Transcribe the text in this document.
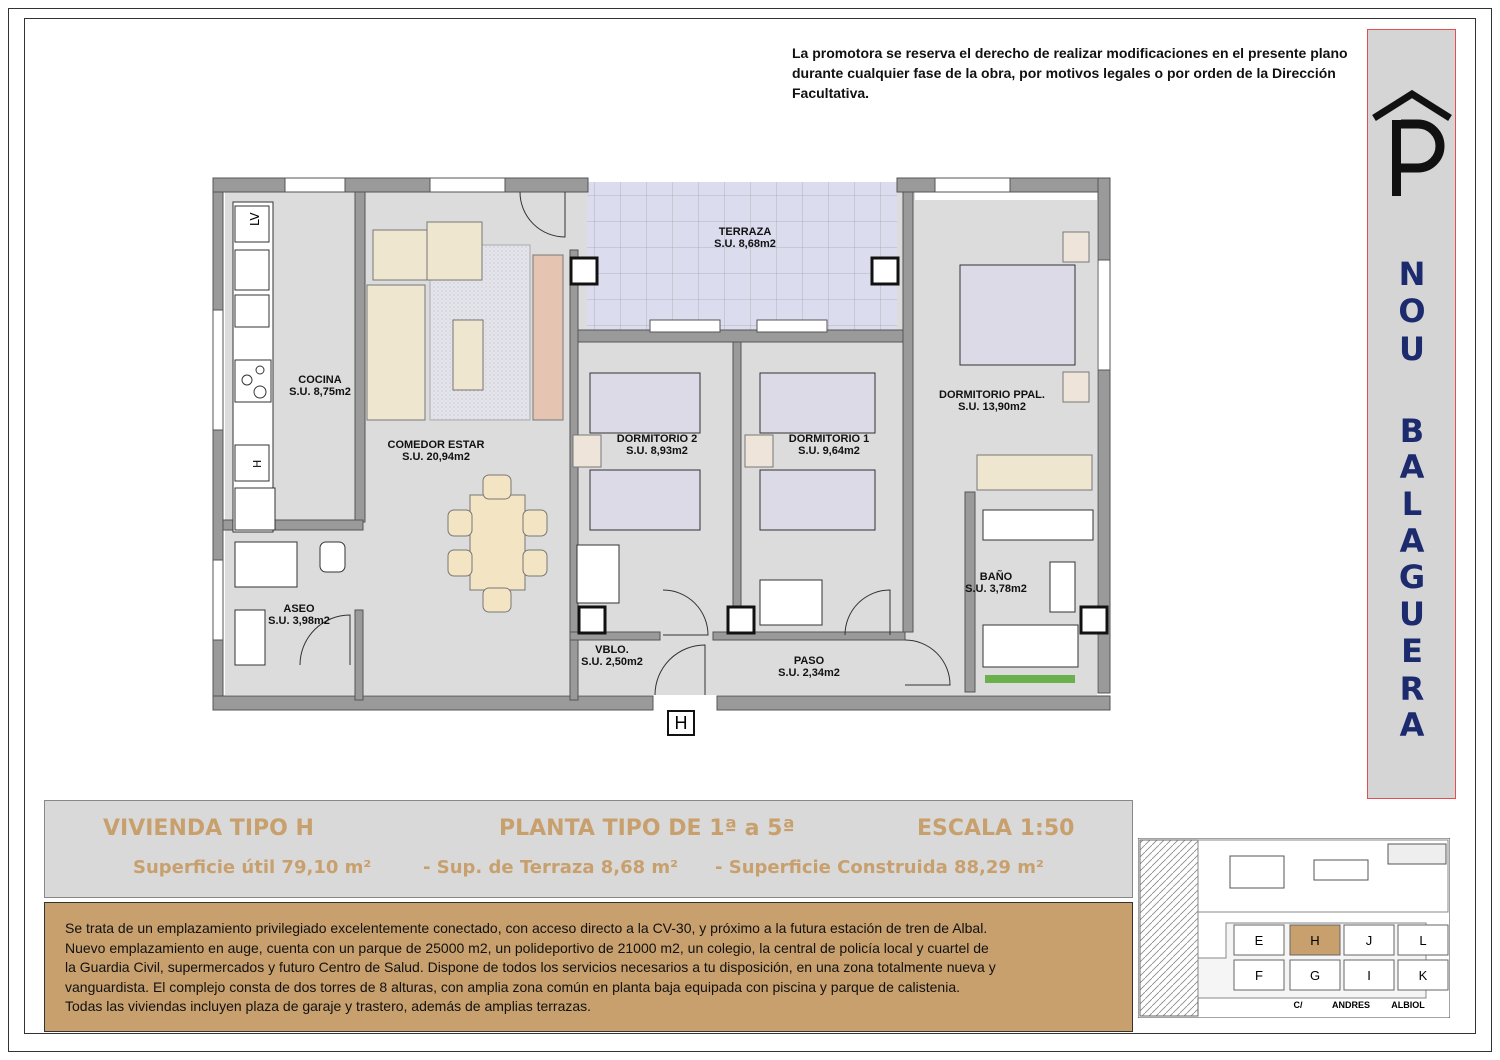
La promotora se reserva el derecho de realizar modificaciones en el presente plano durante cualquier fase de la obra, por motivos legales o por orden de la Dirección Facultativa.
N
O
U
B
A
L
A
G
U
E
R
A
LV
H
TERRAZA
S.U. 8,68m2
COCINA
S.U. 8,75m2
COMEDOR ESTAR
S.U. 20,94m2
DORMITORIO 2
S.U. 8,93m2
DORMITORIO 1
S.U. 9,64m2
DORMITORIO PPAL.
S.U. 13,90m2
BAÑO
S.U. 3,78m2
ASEO
S.U. 3,98m2
VBLO.
S.U. 2,50m2	PASO
S.U. 2,34m2
H
VIVIENDA TIPO H	PLANTA TIPO DE 1ª a 5ª	ESCALA 1:50
Superficie útil 79,10 m²	- Sup. de Terraza 8,68 m² - Superficie Construida 88,29 m²

Se trata de un emplazamiento privilegiado excelentemente conectado, con acceso directo a la CV-30, y próximo a la futura estación de tren de Albal.

Nuevo emplazamiento en auge, cuenta con un parque de 25000 m2, un polideportivo de 21000 m2, un colegio, la central de policía local y cuartel de

la Guardia Civil, supermercados y futuro Centro de Salud. Dispone de todos los servicios necesarios a tu disposición, en una zona totalmente nueva y

vanguardista. El complejo consta de dos torres de 8 alturas, con amplia zona común en planta baja equipada con piscina y parque de calistenia.

Todas las viviendas incluyen plaza de garaje y trastero, además de amplias terrazas.

E	H	J	L
F	G	I	K
C/	ANDRES ALBIOL
